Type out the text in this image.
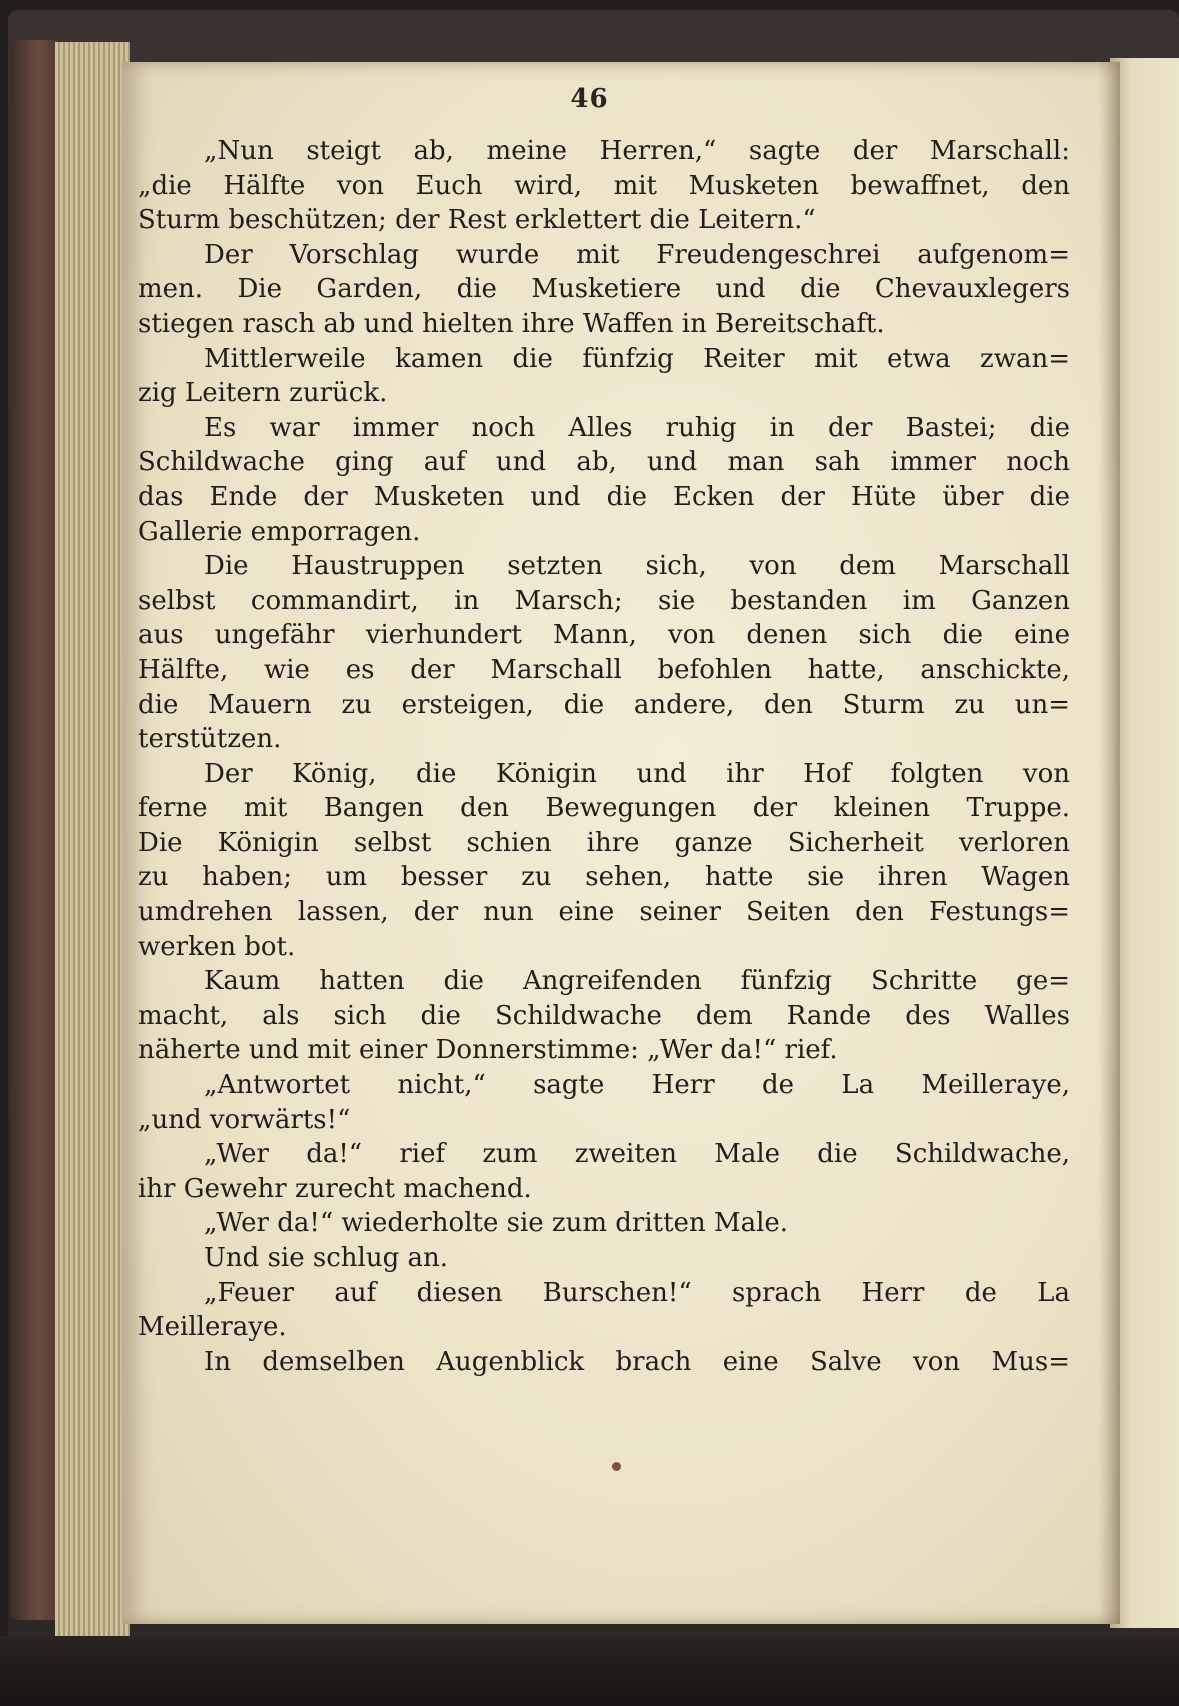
46
„Nun steigt ab, meine Herren,“ sagte der Marschall:
„die Hälfte von Euch wird, mit Musketen bewaffnet, den
Sturm beschützen; der Rest erklettert die Leitern.“
Der Vorschlag wurde mit Freudengeschrei aufgenom=
men. Die Garden, die Musketiere und die Chevauxlegers
stiegen rasch ab und hielten ihre Waffen in Bereitschaft.
Mittlerweile kamen die fünfzig Reiter mit etwa zwan=
zig Leitern zurück.
Es war immer noch Alles ruhig in der Bastei; die
Schildwache ging auf und ab, und man sah immer noch
das Ende der Musketen und die Ecken der Hüte über die
Gallerie emporragen.
Die Haustruppen setzten sich, von dem Marschall
selbst commandirt, in Marsch; sie bestanden im Ganzen
aus ungefähr vierhundert Mann, von denen sich die eine
Hälfte, wie es der Marschall befohlen hatte, anschickte,
die Mauern zu ersteigen, die andere, den Sturm zu un=
terstützen.
Der König, die Königin und ihr Hof folgten von
ferne mit Bangen den Bewegungen der kleinen Truppe.
Die Königin selbst schien ihre ganze Sicherheit verloren
zu haben; um besser zu sehen, hatte sie ihren Wagen
umdrehen lassen, der nun eine seiner Seiten den Festungs=
werken bot.
Kaum hatten die Angreifenden fünfzig Schritte ge=
macht, als sich die Schildwache dem Rande des Walles
näherte und mit einer Donnerstimme: „Wer da!“ rief.
„Antwortet nicht,“ sagte Herr de La Meilleraye,
„und vorwärts!“
„Wer da!“ rief zum zweiten Male die Schildwache,
ihr Gewehr zurecht machend.
„Wer da!“ wiederholte sie zum dritten Male.
Und sie schlug an.
„Feuer auf diesen Burschen!“ sprach Herr de La
Meilleraye.
In demselben Augenblick brach eine Salve von Mus=
